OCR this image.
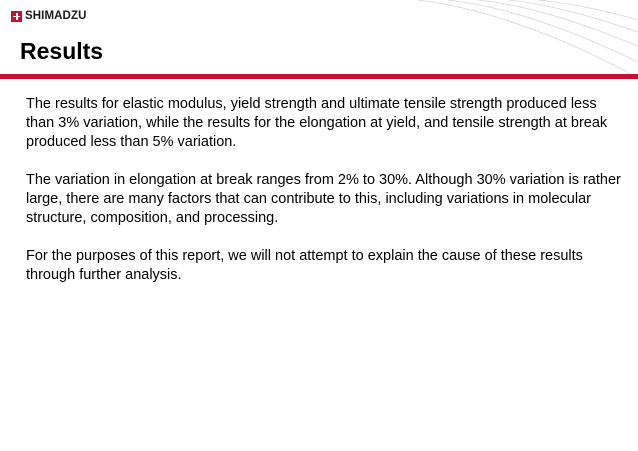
SHIMADZU
Results

The results for elastic modulus, yield strength and ultimate tensile strength produced less than 3% variation, while the results for the elongation at yield, and tensile strength at break produced less than 5% variation.

The variation in elongation at break ranges from 2% to 30%. Although 30% variation is rather large, there are many factors that can contribute to this, including variations in molecular structure, composition, and processing.

For the purposes of this report, we will not attempt to explain the cause of these results through further analysis.
